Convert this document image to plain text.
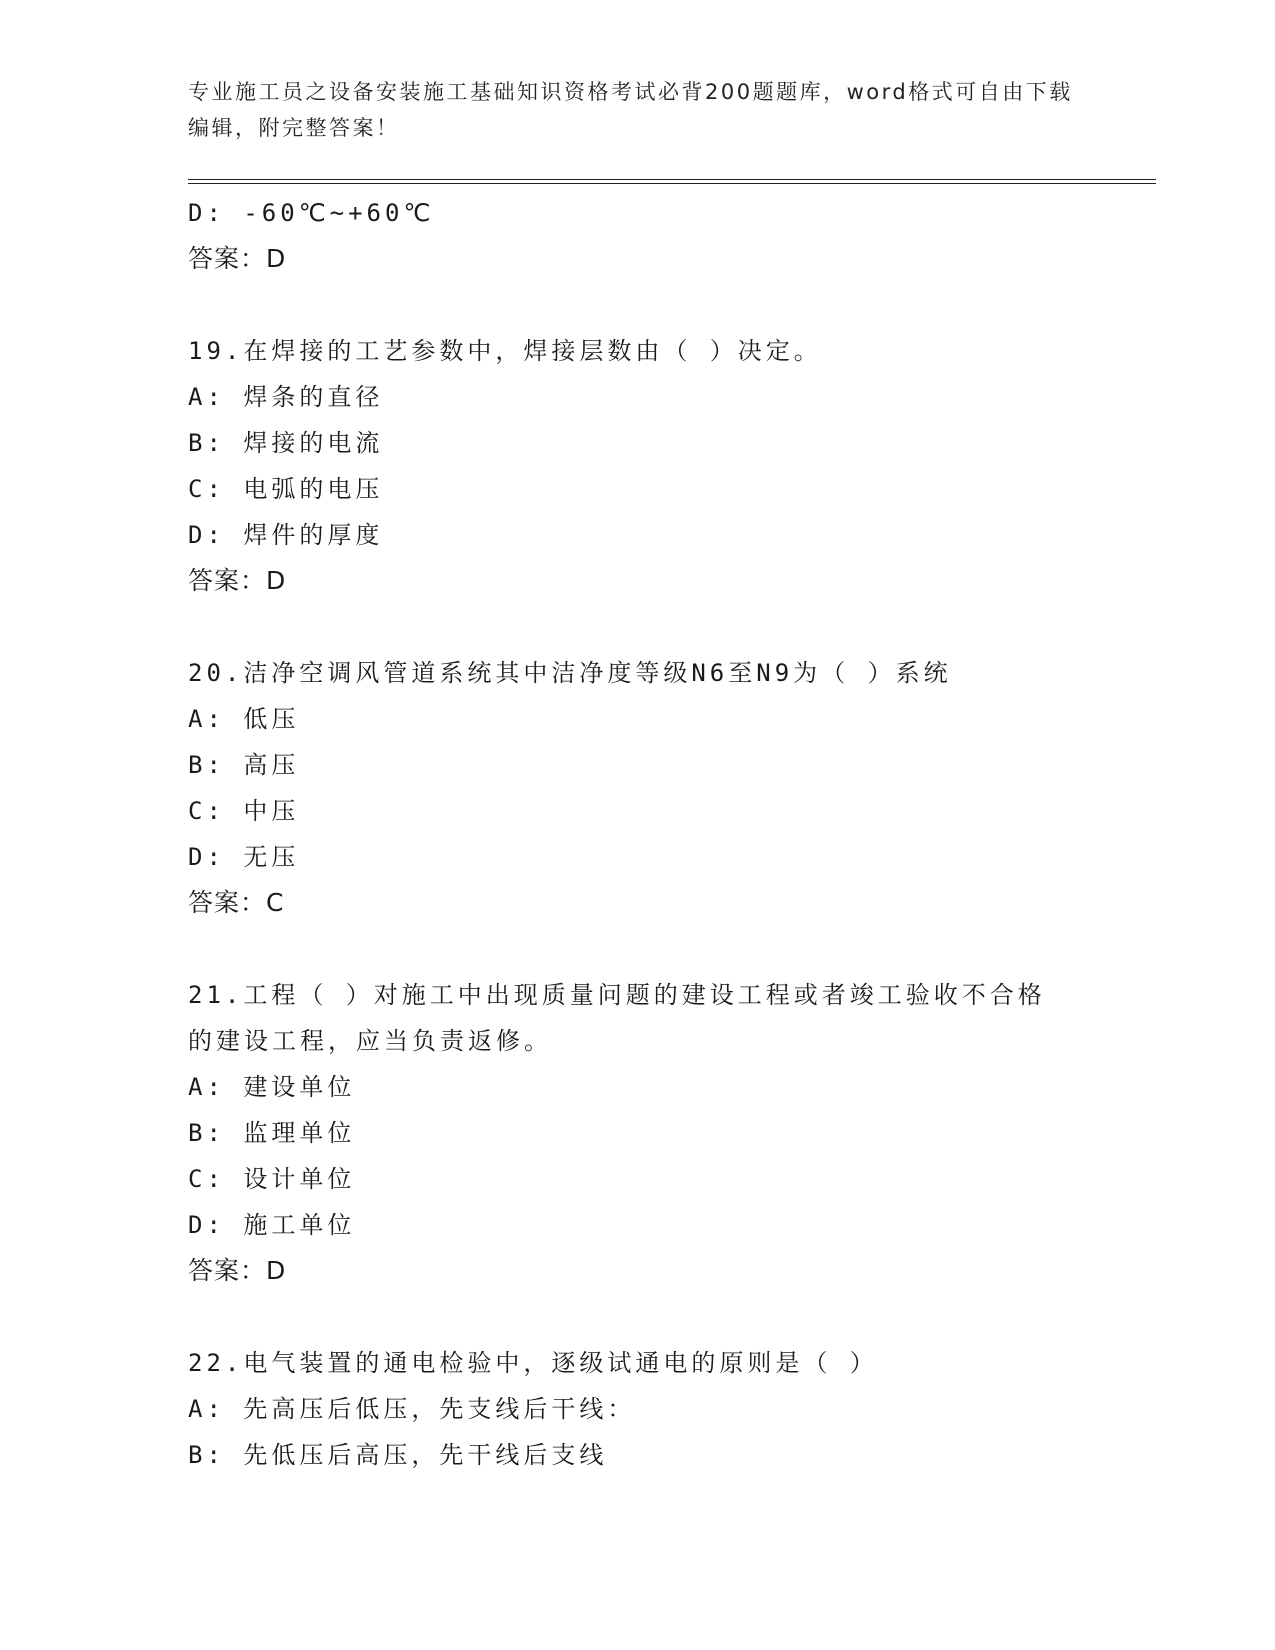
专业施工员之设备安装施工基础知识资格考试必背200题题库，word格式可自由下载编辑，附完整答案！
D: -60℃~+60℃
答案：D
19.在焊接的工艺参数中，焊接层数由（ ）决定。
A: 焊条的直径
B: 焊接的电流
C: 电弧的电压
D: 焊件的厚度
答案：D
20.洁净空调风管道系统其中洁净度等级N6至N9为（ ）系统
A: 低压
B: 高压
C: 中压
D: 无压
答案：C
21.工程（ ）对施工中出现质量问题的建设工程或者竣工验收不合格的建设工程，应当负责返修。
A: 建设单位
B: 监理单位
C: 设计单位
D: 施工单位
答案：D
22.电气装置的通电检验中，逐级试通电的原则是（ ）
A: 先高压后低压，先支线后干线：
B: 先低压后高压，先干线后支线
